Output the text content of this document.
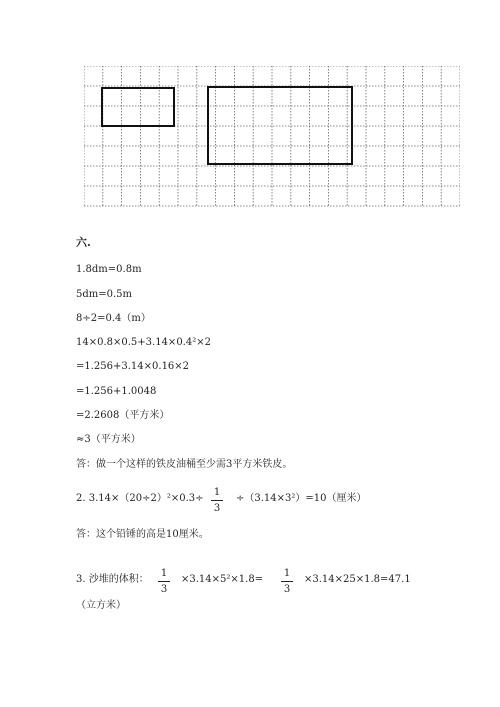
六.
1.8dm=0.8m
5dm=0.5m
8÷2=0.4（m）
14×0.8×0.5+3.14×0.4²×2
=1.256+3.14×0.16×2
=1.256+1.0048
=2.2608（平方米）
≈3（平方米）
答：做一个这样的铁皮油桶至少需3平方米铁皮。
2. $3.14\times(20\div 2)^2\times 0.3\div \frac{1}{3} \div(3.14\times 3^2)=10$（厘米）
答：这个铅锤的高是10厘米。
3. 沙堆的体积： $\frac{1}{3} \times 3.14\times 5^2\times 1.8= \frac{1}{3} \times 3.14\times 25\times 1.8=47.1$
（立方米）
